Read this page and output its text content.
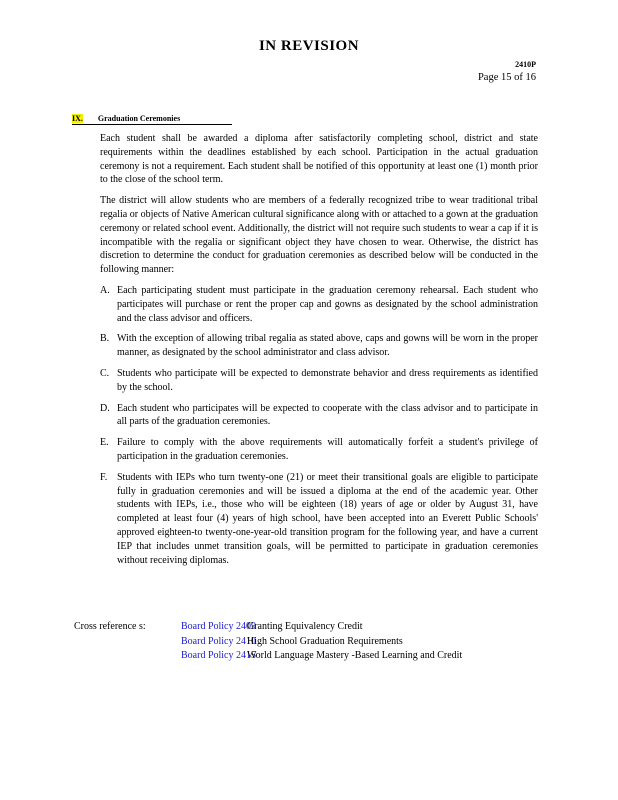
IN REVISION
2410P
Page 15 of 16
IX. Graduation Ceremonies

Each student shall be awarded a diploma after satisfactorily completing school, district and state requirements within the deadlines established by each school. Participation in the actual graduation ceremony is not a requirement. Each student shall be notified of this opportunity at least one (1) month prior to the close of the school term.

The district will allow students who are members of a federally recognized tribe to wear traditional tribal regalia or objects of Native American cultural significance along with or attached to a gown at the graduation ceremony or related school event. Additionally, the district will not require such students to wear a cap if it is incompatible with the regalia or significant object they have chosen to wear. Otherwise, the district has discretion to determine the conduct for graduation ceremonies as described below will be conducted in the following manner:

A. Each participating student must participate in the graduation ceremony rehearsal. Each student who participates will purchase or rent the proper cap and gowns as designated by the school administration and the class advisor and officers.
B. With the exception of allowing tribal regalia as stated above, caps and gowns will be worn in the proper manner, as designated by the school administrator and class advisor.
C. Students who participate will be expected to demonstrate behavior and dress requirements as identified by the school.
D. Each student who participates will be expected to cooperate with the class advisor and to participate in all parts of the graduation ceremonies.
E. Failure to comply with the above requirements will automatically forfeit a student's privilege of participation in the graduation ceremonies.
F. Students with IEPs who turn twenty-one (21) or meet their transitional goals are eligible to participate fully in graduation ceremonies and will be issued a diploma at the end of the academic year. Other students with IEPs, i.e., those who will be eighteen (18) years of age or older by August 31, have completed at least four (4) years of high school, have been accepted into an Everett Public Schools' approved eighteen-to twenty-one-year-old transition program for the following year, and have a current IEP that includes unmet transition goals, will be permitted to participate in graduation ceremonies without receiving diplomas.
Cross reference s:	Board Policy 2409
Granting Equivalency Credit
Board Policy 2410
High School Graduation Requirements
Board Policy 2415
World Language Mastery -Based Learning and Credit
